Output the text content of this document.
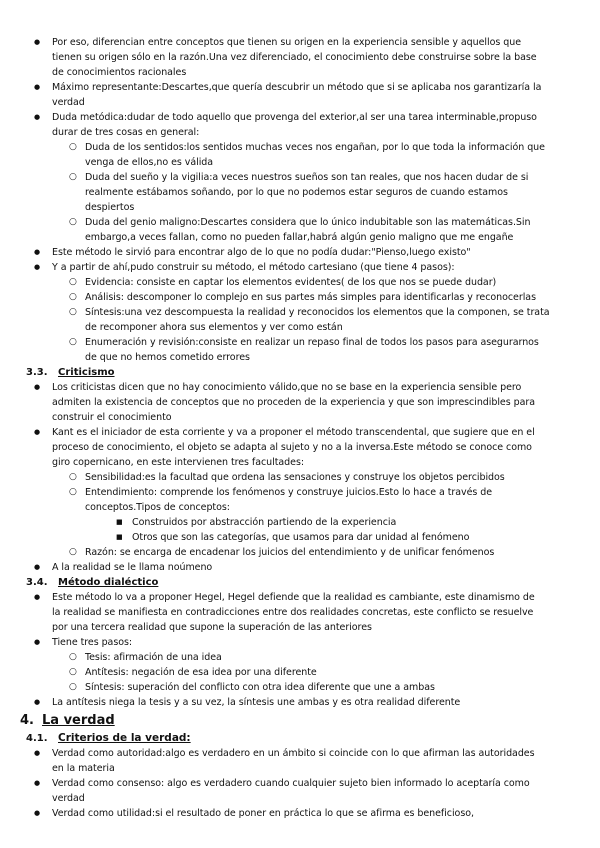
● Por eso, diferencian entre conceptos que tienen su origen en la experiencia sensible y aquellos que
tienen su origen sólo en la razón.Una vez diferenciado, el conocimiento debe construirse sobre la base
de conocimientos racionales
● Máximo representante:Descartes,que quería descubrir un método que si se aplicaba nos garantizaría la
verdad
● Duda metódica:dudar de todo aquello que provenga del exterior,al ser una tarea interminable,propuso
durar de tres cosas en general:
○ Duda de los sentidos:los sentidos muchas veces nos engañan, por lo que toda la información que
venga de ellos,no es válida
○ Duda del sueño y la vigilia:a veces nuestros sueños son tan reales, que nos hacen dudar de si
realmente estábamos soñando, por lo que no podemos estar seguros de cuando estamos
despiertos
○ Duda del genio maligno:Descartes considera que lo único indubitable son las matemáticas.Sin
embargo,a veces fallan, como no pueden fallar,habrá algún genio maligno que me engañe
● Este método le sirvió para encontrar algo de lo que no podía dudar:"Pienso,luego existo"
● Y a partir de ahí,pudo construir su método, el método cartesiano (que tiene 4 pasos):
○ Evidencia: consiste en captar los elementos evidentes( de los que nos se puede dudar)
○ Análisis: descomponer lo complejo en sus partes más simples para identificarlas y reconocerlas
○ Síntesis:una vez descompuesta la realidad y reconocidos los elementos que la componen, se trata
de recomponer ahora sus elementos y ver como están
○ Enumeración y revisión:consiste en realizar un repaso final de todos los pasos para asegurarnos
de que no hemos cometido errores
3.3. Criticismo
● Los criticistas dicen que no hay conocimiento válido,que no se base en la experiencia sensible pero
admiten la existencia de conceptos que no proceden de la experiencia y que son imprescindibles para
construir el conocimiento
● Kant es el iniciador de esta corriente y va a proponer el método transcendental, que sugiere que en el
proceso de conocimiento, el objeto se adapta al sujeto y no a la inversa.Este método se conoce como
giro copernicano, en este intervienen tres facultades:
○ Sensibilidad:es la facultad que ordena las sensaciones y construye los objetos percibidos
○ Entendimiento: comprende los fenómenos y construye juicios.Esto lo hace a través de
conceptos.Tipos de conceptos:
■ Construidos por abstracción partiendo de la experiencia
■ Otros que son las categorías, que usamos para dar unidad al fenómeno
○ Razón: se encarga de encadenar los juicios del entendimiento y de unificar fenómenos
● A la realidad se le llama noúmeno
3.4. Método dialéctico
● Este método lo va a proponer Hegel, Hegel defiende que la realidad es cambiante, este dinamismo de
la realidad se manifiesta en contradicciones entre dos realidades concretas, este conflicto se resuelve
por una tercera realidad que supone la superación de las anteriores
● Tiene tres pasos:
○ Tesis: afirmación de una idea
○ Antítesis: negación de esa idea por una diferente
○ Síntesis: superación del conflicto con otra idea diferente que une a ambas
● La antítesis niega la tesis y a su vez, la síntesis une ambas y es otra realidad diferente
4. La verdad
4.1. Criterios de la verdad:
● Verdad como autoridad:algo es verdadero en un ámbito si coincide con lo que afirman las autoridades
en la materia
● Verdad como consenso: algo es verdadero cuando cualquier sujeto bien informado lo aceptaría como
verdad
● Verdad como utilidad:si el resultado de poner en práctica lo que se afirma es beneficioso,
